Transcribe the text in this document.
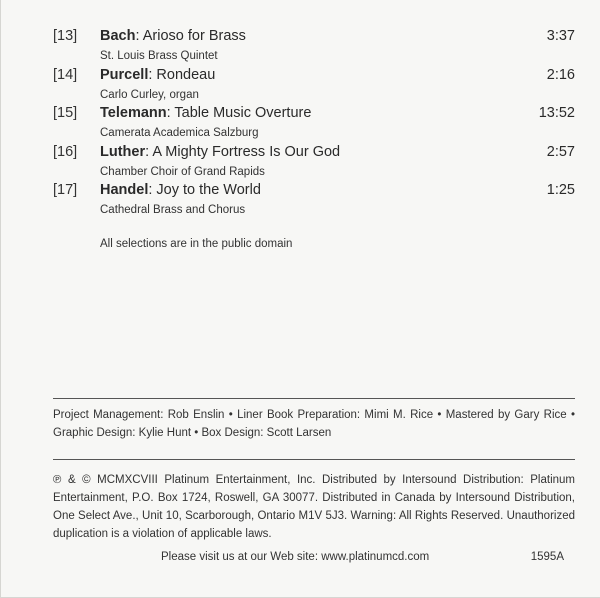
[13] Bach: Arioso for Brass	3:37
St. Louis Brass Quintet
[14] Purcell: Rondeau	2:16
Carlo Curley, organ
[15] Telemann: Table Music Overture	13:52
Camerata Academica Salzburg
[16] Luther: A Mighty Fortress Is Our God	2:57
Chamber Choir of Grand Rapids
[17] Handel: Joy to the World	1:25
Cathedral Brass and Chorus
All selections are in the public domain
Project Management: Rob Enslin • Liner Book Preparation: Mimi M. Rice • Mastered by Gary Rice • Graphic Design: Kylie Hunt • Box Design: Scott Larsen
℗ & © MCMXCVIII Platinum Entertainment, Inc. Distributed by Intersound Distribution: Platinum Entertainment, P.O. Box 1724, Roswell, GA 30077. Distributed in Canada by Intersound Distribution, One Select Ave., Unit 10, Scarborough, Ontario M1V 5J3. Warning: All Rights Reserved. Unauthorized duplication is a violation of applicable laws.
Please visit us at our Web site: www.platinumcd.com	1595A
